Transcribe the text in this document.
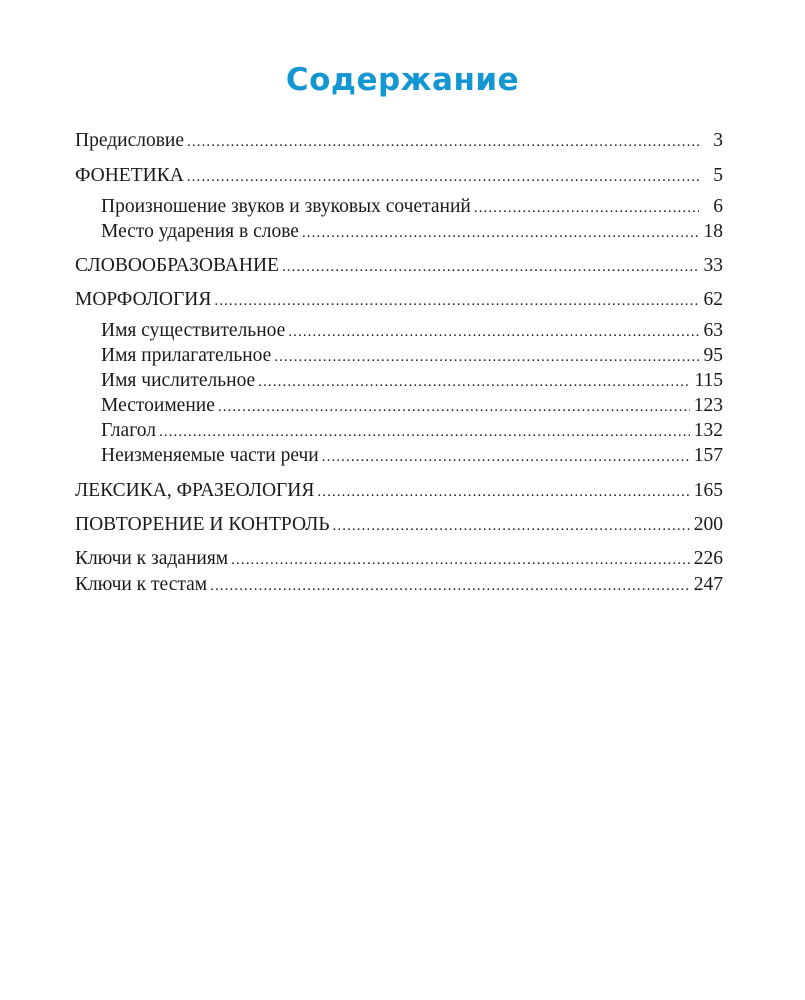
Содержание
Предисловие .....	3
ФОНЕТИКА .....	5
Произношение звуков и звуковых сочетаний .....	6
Место ударения в слове .....	18
СЛОВООБРАЗОВАНИЕ .....	33
МОРФОЛОГИЯ .....	62
Имя существительное .....	63
Имя прилагательное .....	95
Имя числительное .....	115
Местоимение .....	123
Глагол .....	132
Неизменяемые части речи .....	157
ЛЕКСИКА, ФРАЗЕОЛОГИЯ .....	165
ПОВТОРЕНИЕ И КОНТРОЛЬ .....	200
Ключи к заданиям .....	226
Ключи к тестам .....	247
